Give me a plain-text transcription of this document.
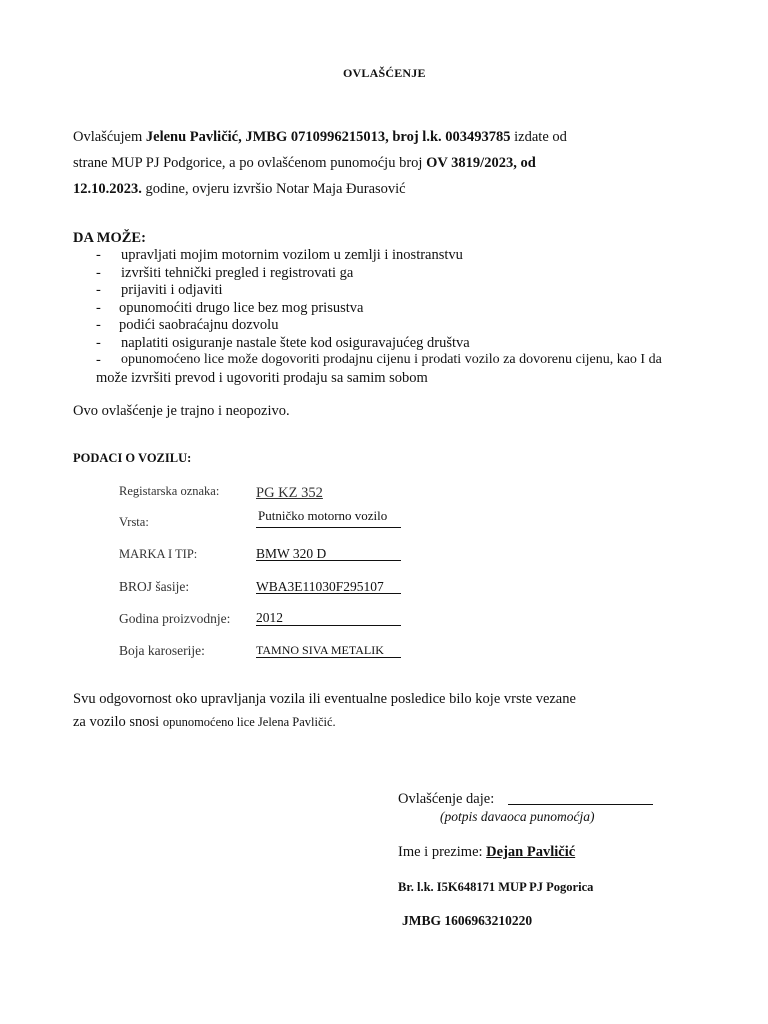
OVLAŠĆENJE
Ovlašćujem Jelenu Pavličić, JMBG 0710996215013, broj l.k. 003493785 izdate od
strane MUP PJ Podgorice, a po ovlašćenom punomoćju broj OV 3819/2023, od
12.10.2023. godine, ovjeru izvršio Notar Maja Đurasović
DA MOŽE:
- upravljati mojim motornim vozilom u zemlji i inostranstvu
- izvršiti tehnički pregled i registrovati ga
- prijaviti i odjaviti
- opunomoćiti drugo lice bez mog prisustva
- podići saobraćajnu dozvolu
- naplatiti osiguranje nastale štete kod osiguravajućeg društva
- opunomoćeno lice može dogovoriti prodajnu cijenu i prodati vozilo za dovorenu cijenu, kao I da
može izvršiti prevod i ugovoriti prodaju sa samim sobom
Ovo ovlašćenje je trajno i neopozivo.
PODACI O VOZILU:
Registarska oznaka:	PG KZ 352
Vrsta:	Putničko motorno vozilo
MARKA I TIP:	BMW 320 D
BROJ šasije:	WBA3E11030F295107
Godina proizvodnje: 2012
Boja karoserije:	TAMNO SIVA METALIK
Svu odgovornost oko upravljanja vozila ili eventualne posledice bilo koje vrste vezane
za vozilo snosi opunomoćeno lice Jelena Pavličić.
Ovlašćenje daje:
(potpis davaoca punomoćja)
Ime i prezime: Dejan Pavličić
Br. l.k. I5K648171 MUP PJ Pogorica
JMBG 1606963210220
